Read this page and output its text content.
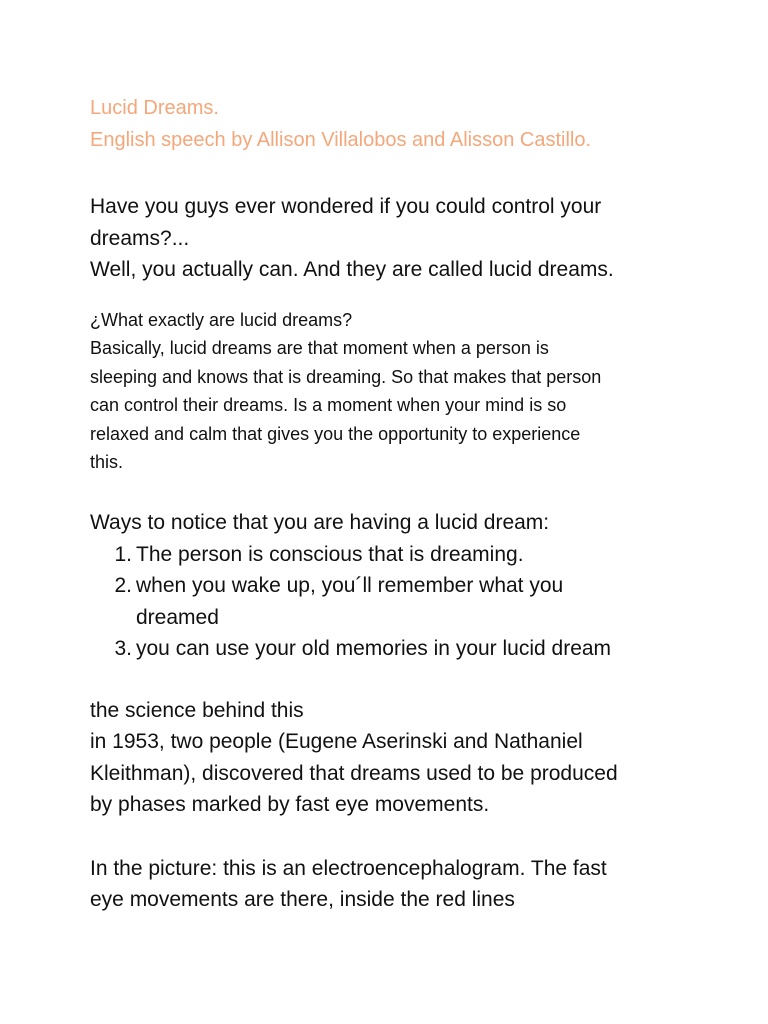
Lucid Dreams.
English speech by Allison Villalobos and Alisson Castillo.
Have you guys ever wondered if you could control your
dreams?...
Well, you actually can. And they are called lucid dreams.
¿What exactly are lucid dreams?
Basically, lucid dreams are that moment when a person is
sleeping and knows that is dreaming. So that makes that person
can control their dreams. Is a moment when your mind is so
relaxed and calm that gives you the opportunity to experience
this.
Ways to notice that you are having a lucid dream:
1. The person is conscious that is dreaming.
2. when you wake up, you´ll remember what you
dreamed
3. you can use your old memories in your lucid dream
the science behind this
in 1953, two people (Eugene Aserinski and Nathaniel
Kleithman), discovered that dreams used to be produced
by phases marked by fast eye movements.
In the picture: this is an electroencephalogram. The fast
eye movements are there, inside the red lines
